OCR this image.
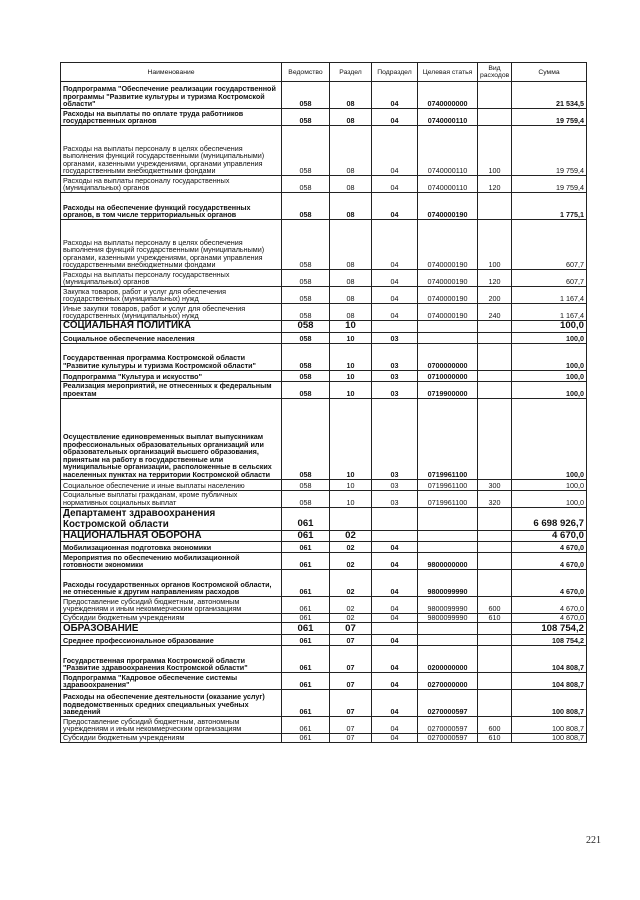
Наименование	Ведомство	Раздел	Подраздел	Целевая статья	Вид расходов	Сумма
Подпрограмма "Обеспечение реализации государственной программы "Развитие культуры и туризма Костромской области"	058	08	04	0740000000		21 534,5
Расходы на выплаты по оплате труда работников государственных органов	058	08	04	0740000110		19 759,4
Расходы на выплаты персоналу в целях обеспечения выполнения функций государственными (муниципальными) органами, казенными учреждениями, органами управления государственными внебюджетными фондами	058	08	04	0740000110	100	19 759,4
Расходы на выплаты персоналу государственных (муниципальных) органов	058	08	04	0740000110	120	19 759,4
Расходы на обеспечение функций государственных органов, в том числе территориальных органов	058	08	04	0740000190		1 775,1
Расходы на выплаты персоналу в целях обеспечения выполнения функций государственными (муниципальными) органами, казенными учреждениями, органами управления государственными внебюджетными фондами	058	08	04	0740000190	100	607,7
Расходы на выплаты персоналу государственных (муниципальных) органов	058	08	04	0740000190	120	607,7
Закупка товаров, работ и услуг для обеспечения государственных (муниципальных) нужд	058	08	04	0740000190	200	1 167,4
Иные закупки товаров, работ и услуг для обеспечения государственных (муниципальных) нужд	058	08	04	0740000190	240	1 167,4
СОЦИАЛЬНАЯ ПОЛИТИКА	058	10				100,0
Социальное обеспечение населения	058	10	03			100,0
Государственная программа Костромской области "Развитие культуры и туризма Костромской области"	058	10	03	0700000000		100,0
Подпрограмма "Культура и искусство"	058	10	03	0710000000		100,0
Реализация мероприятий, не отнесенных к федеральным проектам	058	10	03	0719900000		100,0
Осуществление единовременных выплат выпускникам профессиональных образовательных организаций или образовательных организаций высшего образования, принятым на работу в государственные или муниципальные организации, расположенные в сельских населенных пунктах на территории Костромской области	058	10	03	0719961100		100,0
Социальное обеспечение и иные выплаты населению	058	10	03	0719961100	300	100,0
Социальные выплаты гражданам, кроме публичных нормативных социальных выплат	058	10	03	0719961100	320	100,0
Департамент здравоохранения Костромской области	061					6 698 926,7
НАЦИОНАЛЬНАЯ ОБОРОНА	061	02				4 670,0
Мобилизационная подготовка экономики	061	02	04			4 670,0
Мероприятия по обеспечению мобилизационной готовности экономики	061	02	04	9800000000		4 670,0
Расходы государственных органов Костромской области, не отнесенные к другим направлениям расходов	061	02	04	9800099990		4 670,0
Предоставление субсидий бюджетным, автономным учреждениям и иным некоммерческим организациям	061	02	04	9800099990	600	4 670,0
Субсидии бюджетным учреждениям	061	02	04	9800099990	610	4 670,0
ОБРАЗОВАНИЕ	061	07				108 754,2
Среднее профессиональное образование	061	07	04			108 754,2
Государственная программа Костромской области "Развитие здравоохранения Костромской области"	061	07	04	0200000000		104 808,7
Подпрограмма "Кадровое обеспечение системы здравоохранения"	061	07	04	0270000000		104 808,7
Расходы на обеспечение деятельности (оказание услуг) подведомственных средних специальных учебных заведений	061	07	04	0270000597		100 808,7
Предоставление субсидий бюджетным, автономным учреждениям и иным некоммерческим организациям	061	07	04	0270000597	600	100 808,7
Субсидии бюджетным учреждениям	061	07	04	0270000597	610	100 808,7
221
